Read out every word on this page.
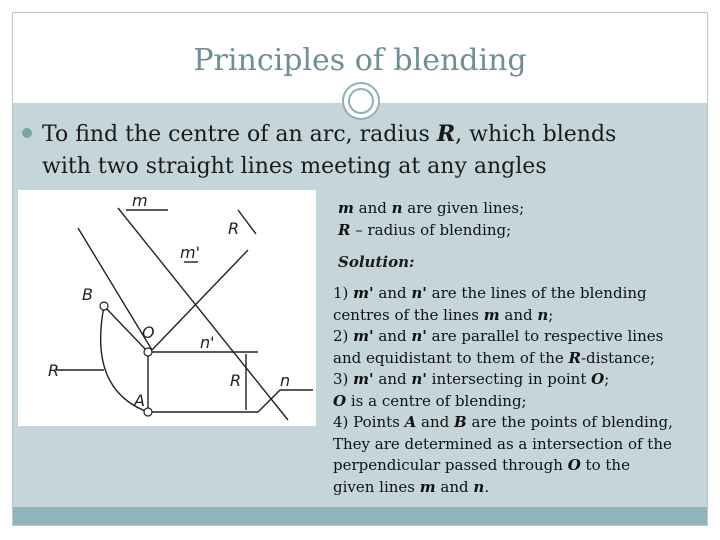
Principles of blending
To find the centre of an arc, radius R, which blends
with two straight lines meeting at any angles
m
m'
R
B
O
n'
R
R
A
n
m and n are given lines;
R – radius of blending;
Solution:

1) m' and n' are the lines of the blending

centres of the lines m and n;

2) m' and n' are parallel to respective lines

and equidistant to them of the R-distance;

3) m' and n' intersecting in point O;

O is a centre of blending;

4) Points A and B are the points of blending,

They are determined as a intersection of the

perpendicular passed through O to the

given lines m and n.
